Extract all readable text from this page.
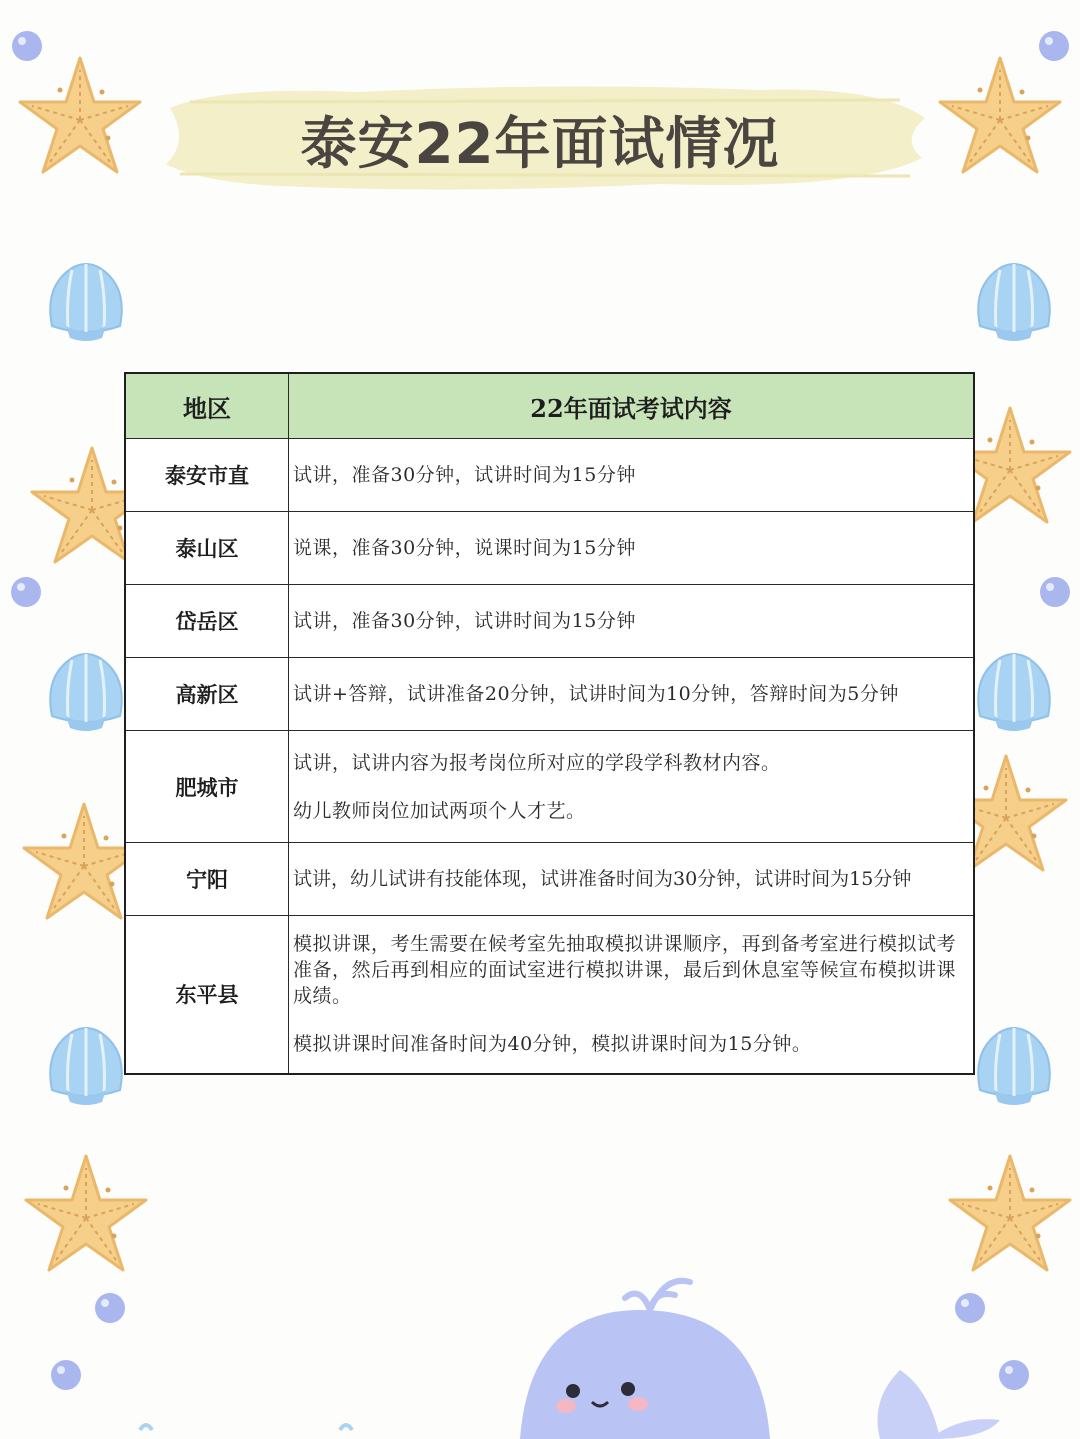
泰安22年面试情况
地区	22年面试考试内容
泰安市直	试讲，准备30分钟，试讲时间为15分钟
泰山区	说课，准备30分钟，说课时间为15分钟
岱岳区	试讲，准备30分钟，试讲时间为15分钟
高新区	试讲+答辩，试讲准备20分钟，试讲时间为10分钟，答辩时间为5分钟
肥城市	试讲，试讲内容为报考岗位所对应的学段学科教材内容。

幼儿教师岗位加试两项个人才艺。

宁阳	试讲，幼儿试讲有技能体现，试讲准备时间为30分钟，试讲时间为15分钟
东平县	模拟讲课，考生需要在候考室先抽取模拟讲课顺序，再到备考室进行模拟试考准备，然后再到相应的面试室进行模拟讲课，最后到休息室等候宣布模拟讲课成绩。

模拟讲课时间准备时间为40分钟，模拟讲课时间为15分钟。
